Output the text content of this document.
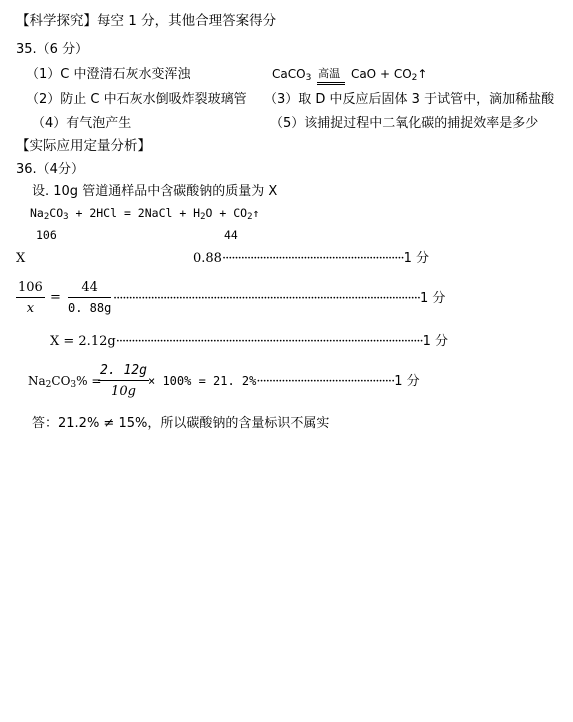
【科学探究】每空 1 分，其他合理答案得分
35.（6 分）
（1）C 中澄清石灰水变浑浊	CaCO$_3$ 高温 CaO + $CO_2↑$
（2）防止 C 中石灰水倒吸炸裂玻璃管 （3）取 D 中反应后固体 3 于试管中，滴加稀盐酸
（4）有气泡产生	（5）该捕捉过程中二氧化碳的捕捉效率是多少
【实际应用定量分析】
36.（4分）
设. 10g 管道通样品中含碳酸钠的质量为 X
$Na_2CO_3 + 2HCl$ = 2NaCl + $H_2O$ + $CO_2↑$
106	44
X	0.88··························································1 分
106
x
=
44
0. 88g
··································································································1 分
X = 2.12g··································································································1 分
$Na_2CO_3\%$ =
2. 12g
10g
× 100% = 21. 2%············································1 分
答：21.2% ≠ 15%，所以碳酸钠的含量标识不属实
